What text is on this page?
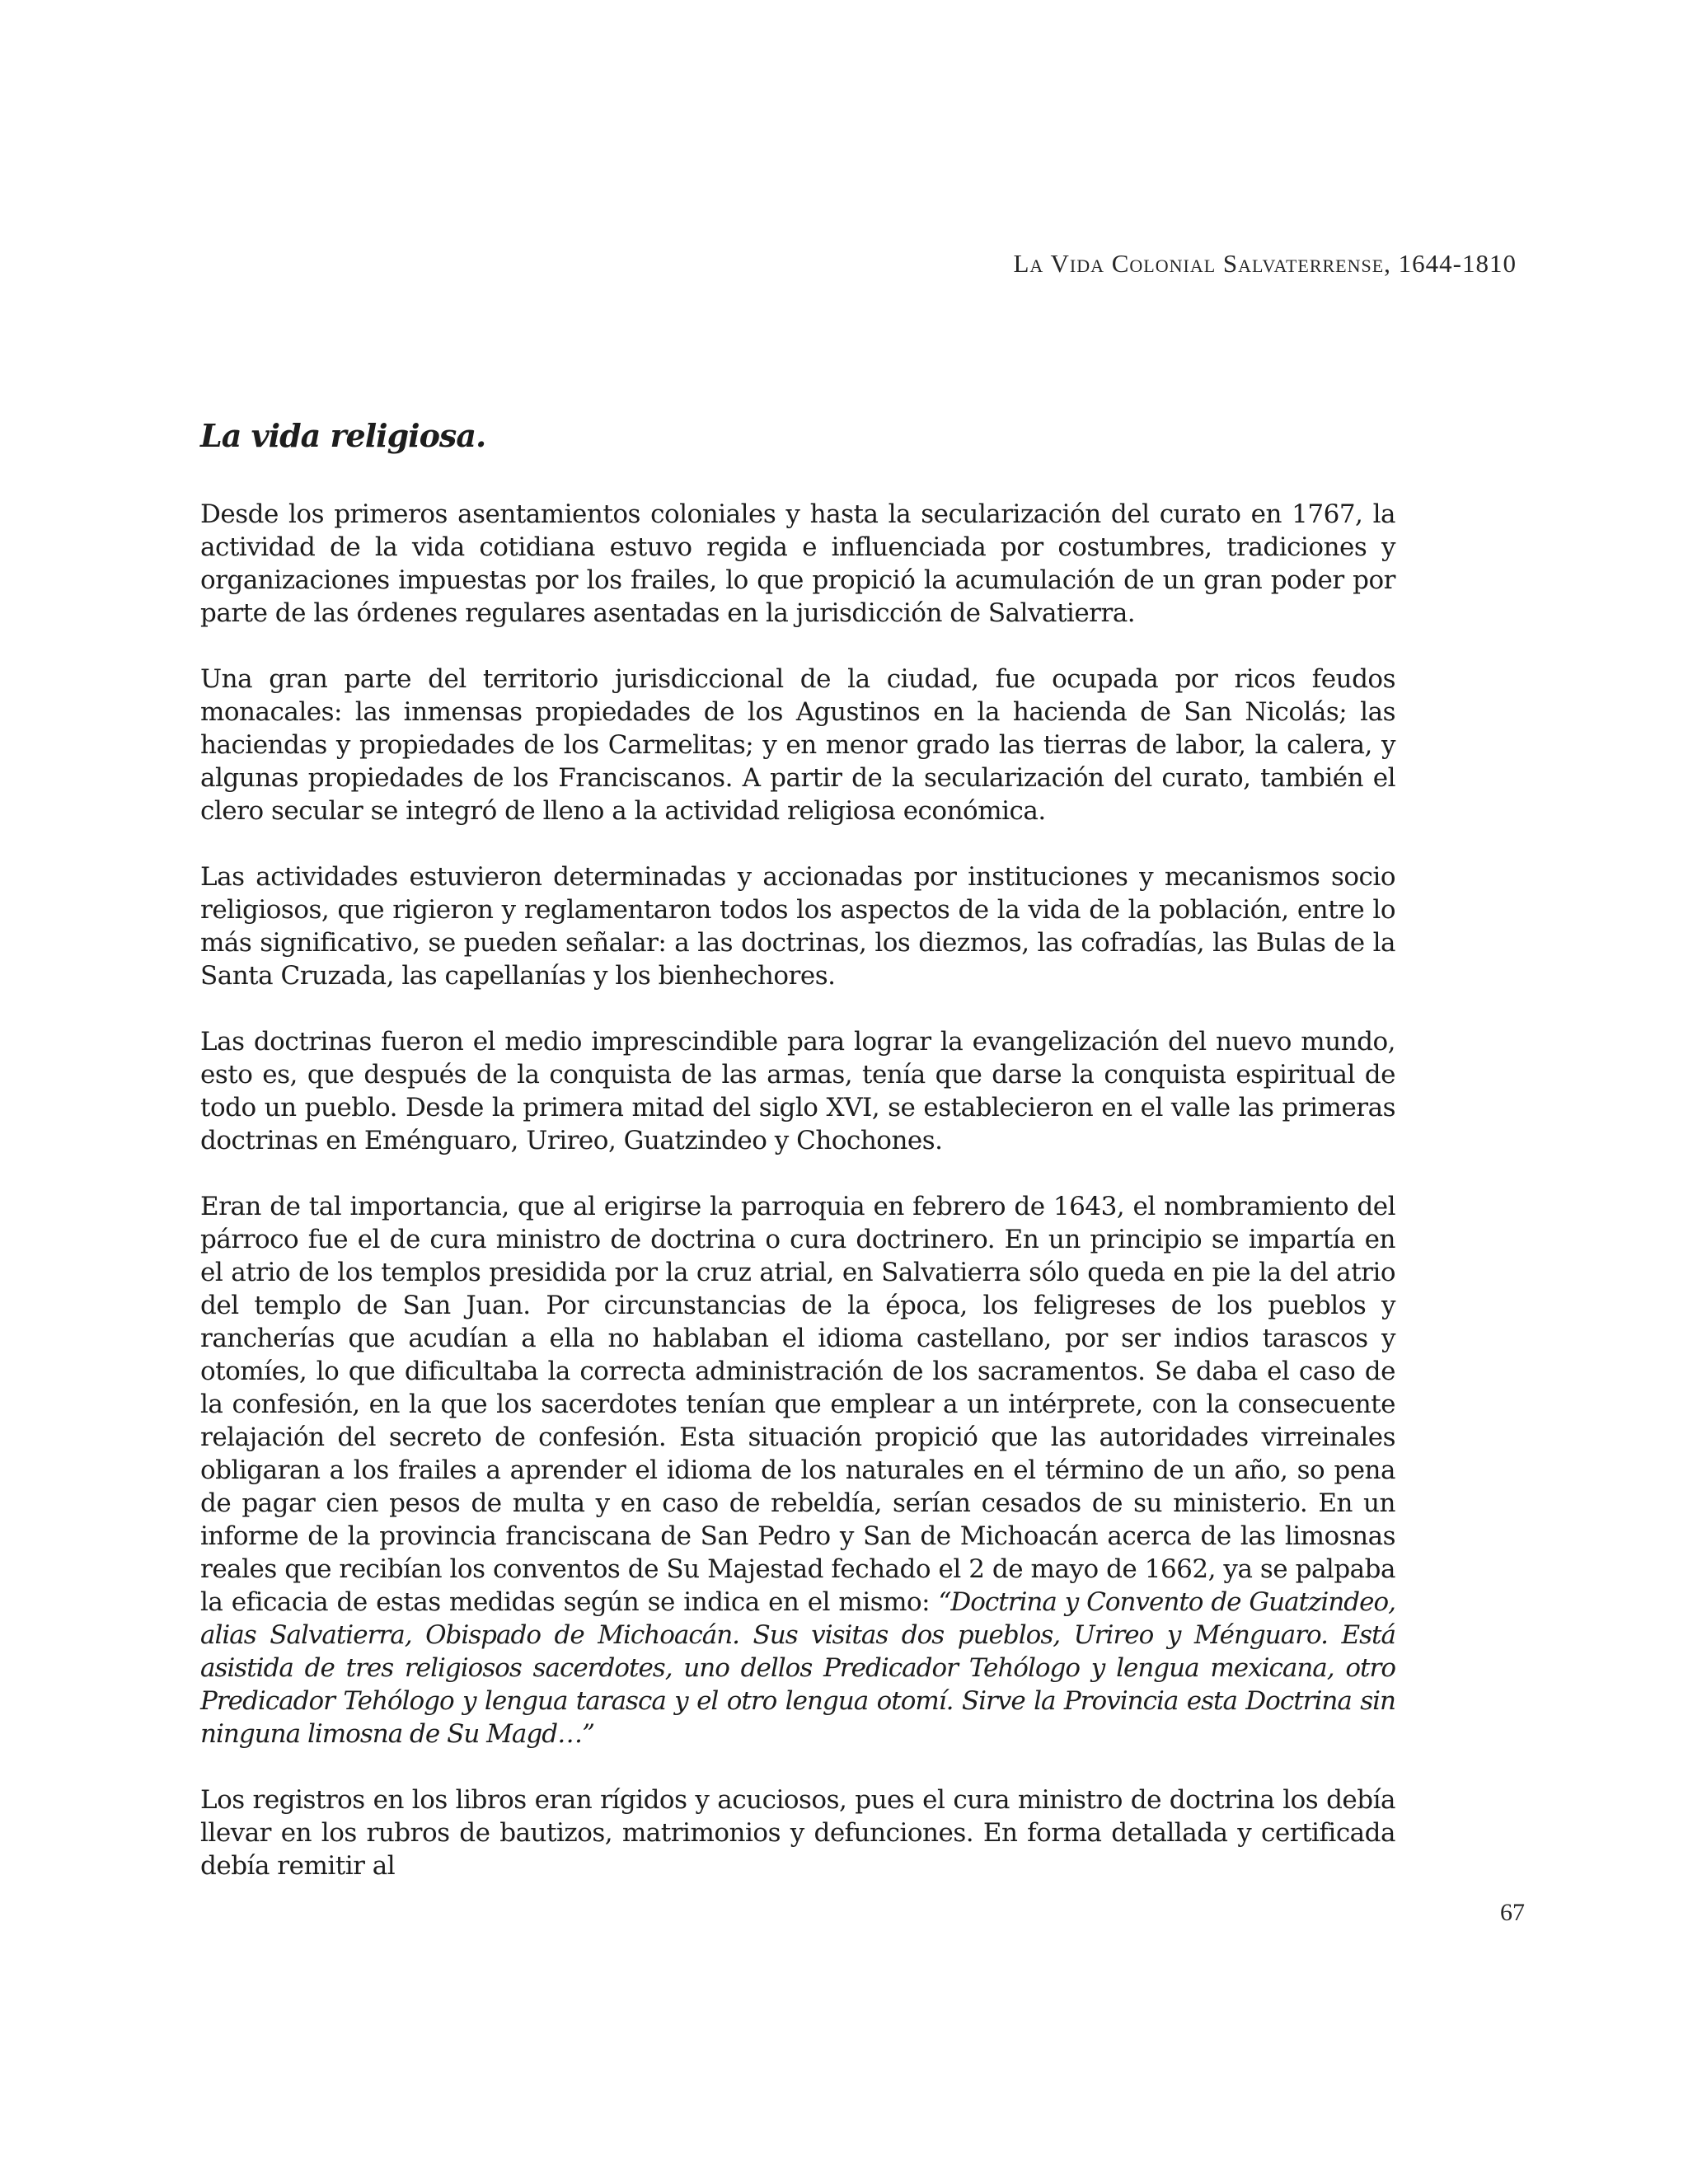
La Vida Colonial Salvaterrense, 1644-1810
La vida religiosa.

Desde los primeros asentamientos coloniales y hasta la secularización del curato en 1767, la actividad de la vida cotidiana estuvo regida e influenciada por costumbres, tradiciones y organizaciones impuestas por los frailes, lo que propició la acumulación de un gran poder por parte de las órdenes regulares asentadas en la jurisdicción de Salvatierra.

Una gran parte del territorio jurisdiccional de la ciudad, fue ocupada por ricos feudos monacales: las inmensas propiedades de los Agustinos en la hacienda de San Nicolás; las haciendas y propiedades de los Carmelitas; y en menor grado las tierras de labor, la calera, y algunas propiedades de los Franciscanos. A partir de la secularización del curato, también el clero secular se integró de lleno a la actividad religiosa económica.

Las actividades estuvieron determinadas y accionadas por instituciones y mecanismos socio religiosos, que rigieron y reglamentaron todos los aspectos de la vida de la población, entre lo más significativo, se pueden señalar: a las doctrinas, los diezmos, las cofradías, las Bulas de la Santa Cruzada, las capellanías y los bienhechores.

Las doctrinas fueron el medio imprescindible para lograr la evangelización del nuevo mundo, esto es, que después de la conquista de las armas, tenía que darse la conquista espiritual de todo un pueblo. Desde la primera mitad del siglo XVI, se establecieron en el valle las primeras doctrinas en Eménguaro, Urireo, Guatzindeo y Chochones.

Eran de tal importancia, que al erigirse la parroquia en febrero de 1643, el nombramiento del párroco fue el de cura ministro de doctrina o cura doctrinero. En un principio se impartía en el atrio de los templos presidida por la cruz atrial, en Salvatierra sólo queda en pie la del atrio del templo de San Juan. Por circunstancias de la época, los feligreses de los pueblos y rancherías que acudían a ella no hablaban el idioma castellano, por ser indios tarascos y otomíes, lo que dificultaba la correcta administración de los sacramentos. Se daba el caso de la confesión, en la que los sacerdotes tenían que emplear a un intérprete, con la consecuente relajación del secreto de confesión. Esta situación propició que las autoridades virreinales obligaran a los frailes a aprender el idioma de los naturales en el término de un año, so pena de pagar cien pesos de multa y en caso de rebeldía, serían cesados de su ministerio. En un informe de la provincia franciscana de San Pedro y San de Michoacán acerca de las limosnas reales que recibían los conventos de Su Majestad fechado el 2 de mayo de 1662, ya se palpaba la eficacia de estas medidas según se indica en el mismo: “Doctrina y Convento de Guatzindeo, alias Salvatierra, Obispado de Michoacán. Sus visitas dos pueblos, Urireo y Ménguaro. Está asistida de tres religiosos sacerdotes, uno dellos Predicador Tehólogo y lengua mexicana, otro Predicador Tehólogo y lengua tarasca y el otro lengua otomí. Sirve la Provincia esta Doctrina sin ninguna limosna de Su Magd…”

Los registros en los libros eran rígidos y acuciosos, pues el cura ministro de doctrina los debía llevar en los rubros de bautizos, matrimonios y defunciones. En forma detallada y certificada debía remitir al

67
